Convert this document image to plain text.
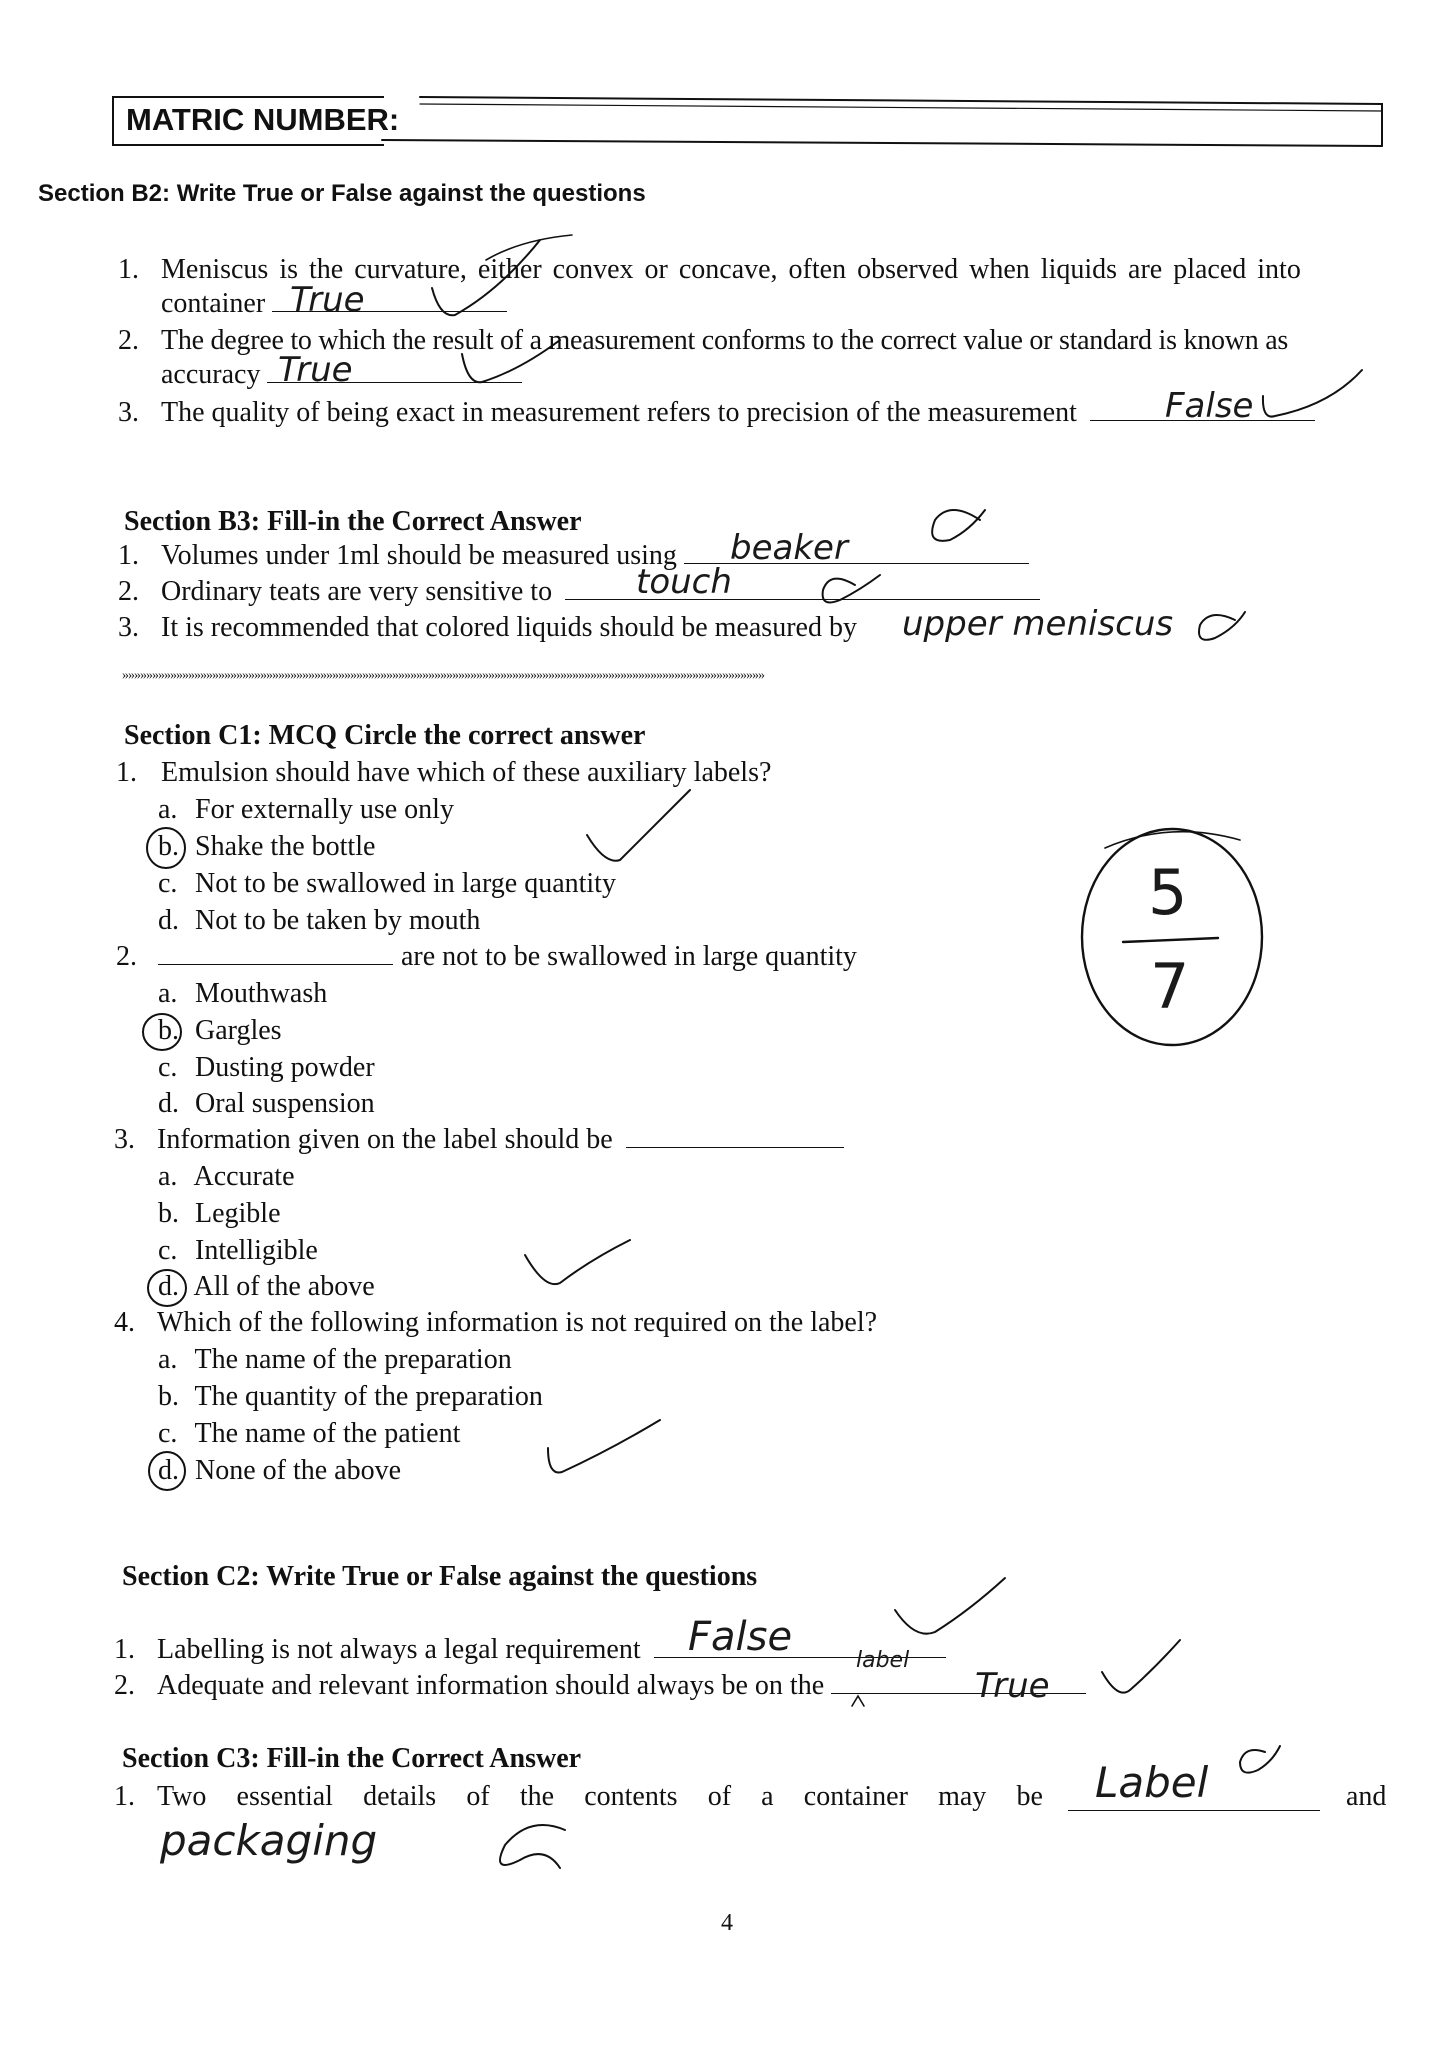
MATRIC NUMBER:
Section B2: Write True or False against the questions
1. Meniscus is the curvature, either convex or concave, often observed when liquids are placed into
container True
2. The degree to which the result of a measurement conforms to the correct value or standard is known as
accuracy True
3. The quality of being exact in measurement refers to precision of the measurement	False
Section B3: Fill-in the Correct Answer
1. Volumes under 1ml should be measured using	beaker
2. Ordinary teats are very sensitive to	touch
3. It is recommended that colored liquids should be measured by upper meniscus
»»»»»»»»»»»»»»»»»»»»»»»»»»»»»»»»»»»»»»»»»»»»»»»»»»»»»»»»»»»»»»»»»»»»»»»»»»»»»»»»»»»»»»»»»»»»»»»»»»»»»»»»»»»
Section C1: MCQ Circle the correct answer
1. Emulsion should have which of these auxiliary labels?
a. For externally use only
b. Shake the bottle
c. Not to be swallowed in large quantity
d. Not to be taken by mouth
2.	are not to be swallowed in large quantity
a. Mouthwash
b. Gargles
c. Dusting powder
d. Oral suspension
3. Information given on the label should be
a. Accurate
b. Legible
c. Intelligible
d. All of the above
4. Which of the following information is not required on the label?
a. The name of the preparation
b. The quantity of the preparation
c. The name of the patient
d. None of the above
5
7
Section C2: Write True or False against the questions
1. Labelling is not always a legal requirement	False
2. Adequate and relevant information should always be on the
label
True
Section C3: Fill-in the Correct Answer
1. Two essential details of the contents of a container may be Label	and
packaging
4
